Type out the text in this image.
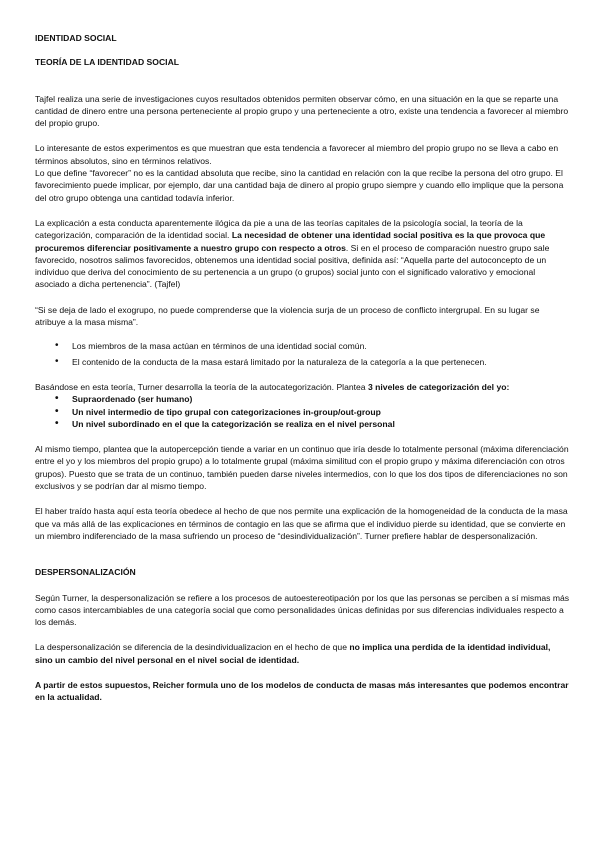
IDENTIDAD SOCIAL

TEORÍA DE LA IDENTIDAD SOCIAL

Tajfel realiza una serie de investigaciones cuyos resultados obtenidos permiten observar cómo, en una situación en la que se reparte una cantidad de dinero entre una persona perteneciente al propio grupo y una perteneciente a otro, existe una tendencia a favorecer al miembro del propio grupo.

Lo interesante de estos experimentos es que muestran que esta tendencia a favorecer al miembro del propio grupo no se lleva a cabo en términos absolutos, sino en términos relativos.

Lo que define “favorecer” no es la cantidad absoluta que recibe, sino la cantidad en relación con la que recibe la persona del otro grupo. El favorecimiento puede implicar, por ejemplo, dar una cantidad baja de dinero al propio grupo siempre y cuando ello implique que la persona del otro grupo obtenga una cantidad todavía inferior.

La explicación a esta conducta aparentemente ilógica da pie a una de las teorías capitales de la psicología social, la teoría de la categorización, comparación de la identidad social. La necesidad de obtener una identidad social positiva es la que provoca que procuremos diferenciar positivamente a nuestro grupo con respecto a otros. Si en el proceso de comparación nuestro grupo sale favorecido, nosotros salimos favorecidos, obtenemos una identidad social positiva, definida así: “Aquella parte del autoconcepto de un individuo que deriva del conocimiento de su pertenencia a un grupo (o grupos) social junto con el significado valorativo y emocional asociado a dicha pertenencia”. (Tajfel)

“Si se deja de lado el exogrupo, no puede comprenderse que la violencia surja de un proceso de conflicto intergrupal. En su lugar se atribuye a la masa misma”.

• Los miembros de la masa actúan en términos de una identidad social común.
• El contenido de la conducta de la masa estará limitado por la naturaleza de la categoría a la que pertenecen.

Basándose en esta teoría, Turner desarrolla la teoría de la autocategorización. Plantea 3 niveles de categorización del yo:

• Supraordenado (ser humano)
• Un nivel intermedio de tipo grupal con categorizaciones in-group/out-group
• Un nivel subordinado en el que la categorización se realiza en el nivel personal

Al mismo tiempo, plantea que la autopercepción tiende a variar en un continuo que iría desde lo totalmente personal (máxima diferenciación entre el yo y los miembros del propio grupo) a lo totalmente grupal (máxima similitud con el propio grupo y máxima diferenciación con otros grupos). Puesto que se trata de un continuo, también pueden darse niveles intermedios, con lo que los dos tipos de diferenciaciones no son exclusivos y se podrían dar al mismo tiempo.

El haber traído hasta aquí esta teoría obedece al hecho de que nos permite una explicación de la homogeneidad de la conducta de la masa que va más allá de las explicaciones en términos de contagio en las que se afirma que el individuo pierde su identidad, que se convierte en un miembro indiferenciado de la masa sufriendo un proceso de “desindividualización”. Turner prefiere hablar de despersonalización.

DESPERSONALIZACIÓN

Según Turner, la despersonalización se refiere a los procesos de autoestereotipación por los que las personas se perciben a sí mismas más como casos intercambiables de una categoría social que como personalidades únicas definidas por sus diferencias individuales respecto a los demás.

La despersonalización se diferencia de la desindividualizacion en el hecho de que no implica una perdida de la identidad individual, sino un cambio del nivel personal en el nivel social de identidad.

A partir de estos supuestos, Reicher formula uno de los modelos de conducta de masas más interesantes que podemos encontrar en la actualidad.
